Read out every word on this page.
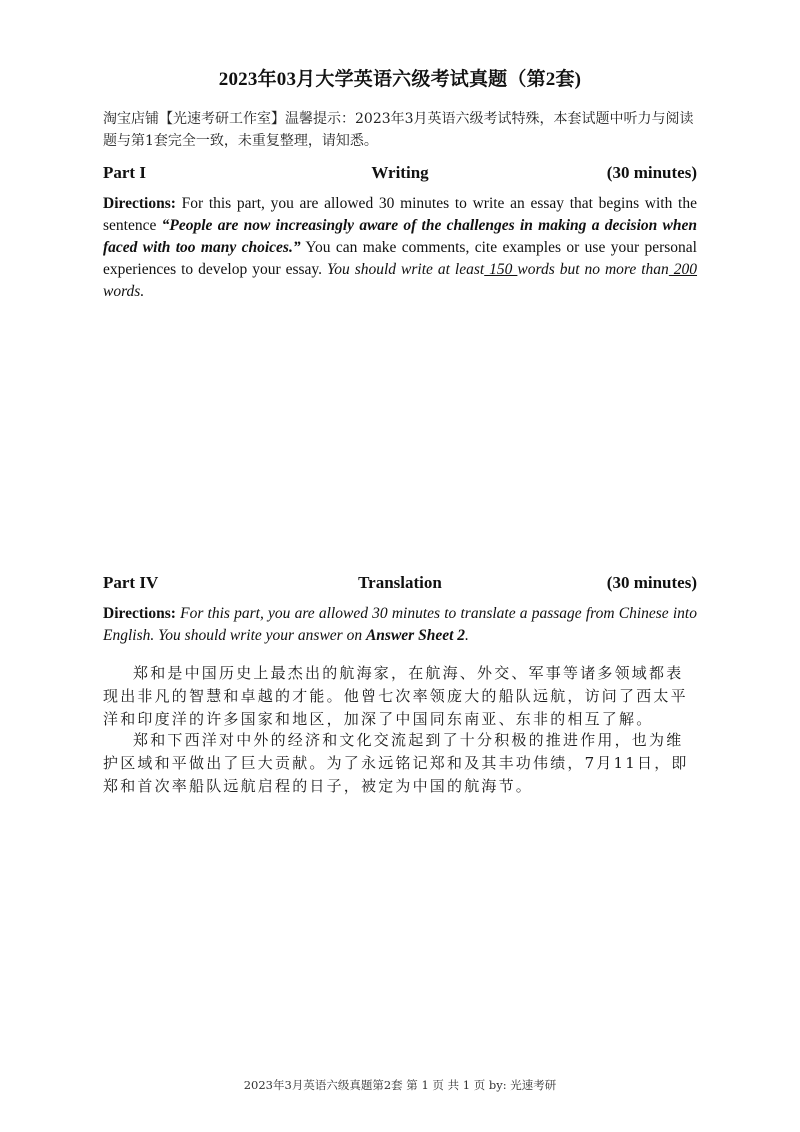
2023年03月大学英语六级考试真题（第2套)
淘宝店铺【光速考研工作室】温馨提示：2023年3月英语六级考试特殊，本套试题中听力与阅读题与第1套完全一致，未重复整理，请知悉。
Part I	Writing	(30 minutes)
Directions: For this part, you are allowed 30 minutes to write an essay that begins with the sentence “People are now increasingly aware of the challenges in making a decision when faced with too many choices.” You can make comments, cite examples or use your personal experiences to develop your essay. You should write at least 150 words but no more than 200 words.
Part IV	Translation	(30 minutes)
Directions: For this part, you are allowed 30 minutes to translate a passage from Chinese into English. You should write your answer on Answer Sheet 2.

郑和是中国历史上最杰出的航海家，在航海、外交、军事等诸多领域都表现出非凡的智慧和卓越的才能。他曾七次率领庞大的船队远航，访问了西太平洋和印度洋的许多国家和地区，加深了中国同东南亚、东非的相互了解。

郑和下西洋对中外的经济和文化交流起到了十分积极的推进作用，也为维护区域和平做出了巨大贡献。为了永远铭记郑和及其丰功伟绩，7月11日，即郑和首次率船队远航启程的日子，被定为中国的航海节。

2023年3月英语六级真题第2套 第 1 页 共 1 页 by: 光速考研
